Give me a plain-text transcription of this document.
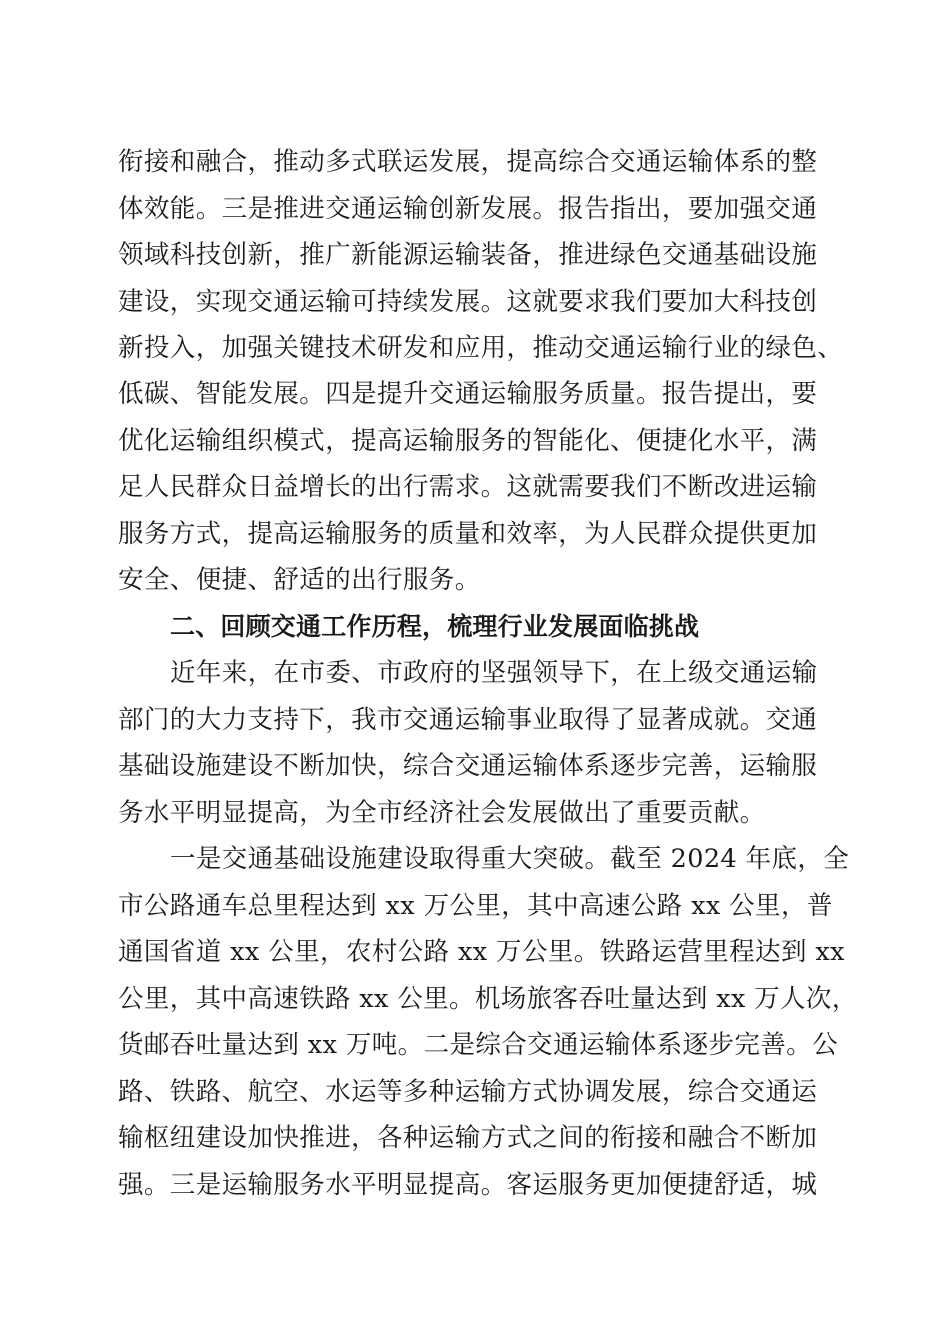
衔接和融合，推动多式联运发展，提高综合交通运输体系的整
体效能。三是推进交通运输创新发展。报告指出，要加强交通
领域科技创新，推广新能源运输装备，推进绿色交通基础设施
建设，实现交通运输可持续发展。这就要求我们要加大科技创
新投入，加强关键技术研发和应用，推动交通运输行业的绿色、
低碳、智能发展。四是提升交通运输服务质量。报告提出，要
优化运输组织模式，提高运输服务的智能化、便捷化水平，满
足人民群众日益增长的出行需求。这就需要我们不断改进运输
服务方式，提高运输服务的质量和效率，为人民群众提供更加
安全、便捷、舒适的出行服务。
二、回顾交通工作历程，梳理行业发展面临挑战
近年来，在市委、市政府的坚强领导下，在上级交通运输
部门的大力支持下，我市交通运输事业取得了显著成就。交通
基础设施建设不断加快，综合交通运输体系逐步完善，运输服
务水平明显提高，为全市经济社会发展做出了重要贡献。
一是交通基础设施建设取得重大突破。截至 2024 年底，全
市公路通车总里程达到 xx 万公里，其中高速公路 xx 公里，普
通国省道 xx 公里，农村公路 xx 万公里。铁路运营里程达到 xx
公里，其中高速铁路 xx 公里。机场旅客吞吐量达到 xx 万人次，
货邮吞吐量达到 xx 万吨。二是综合交通运输体系逐步完善。公
路、铁路、航空、水运等多种运输方式协调发展，综合交通运
输枢纽建设加快推进，各种运输方式之间的衔接和融合不断加
强。三是运输服务水平明显提高。客运服务更加便捷舒适，城
